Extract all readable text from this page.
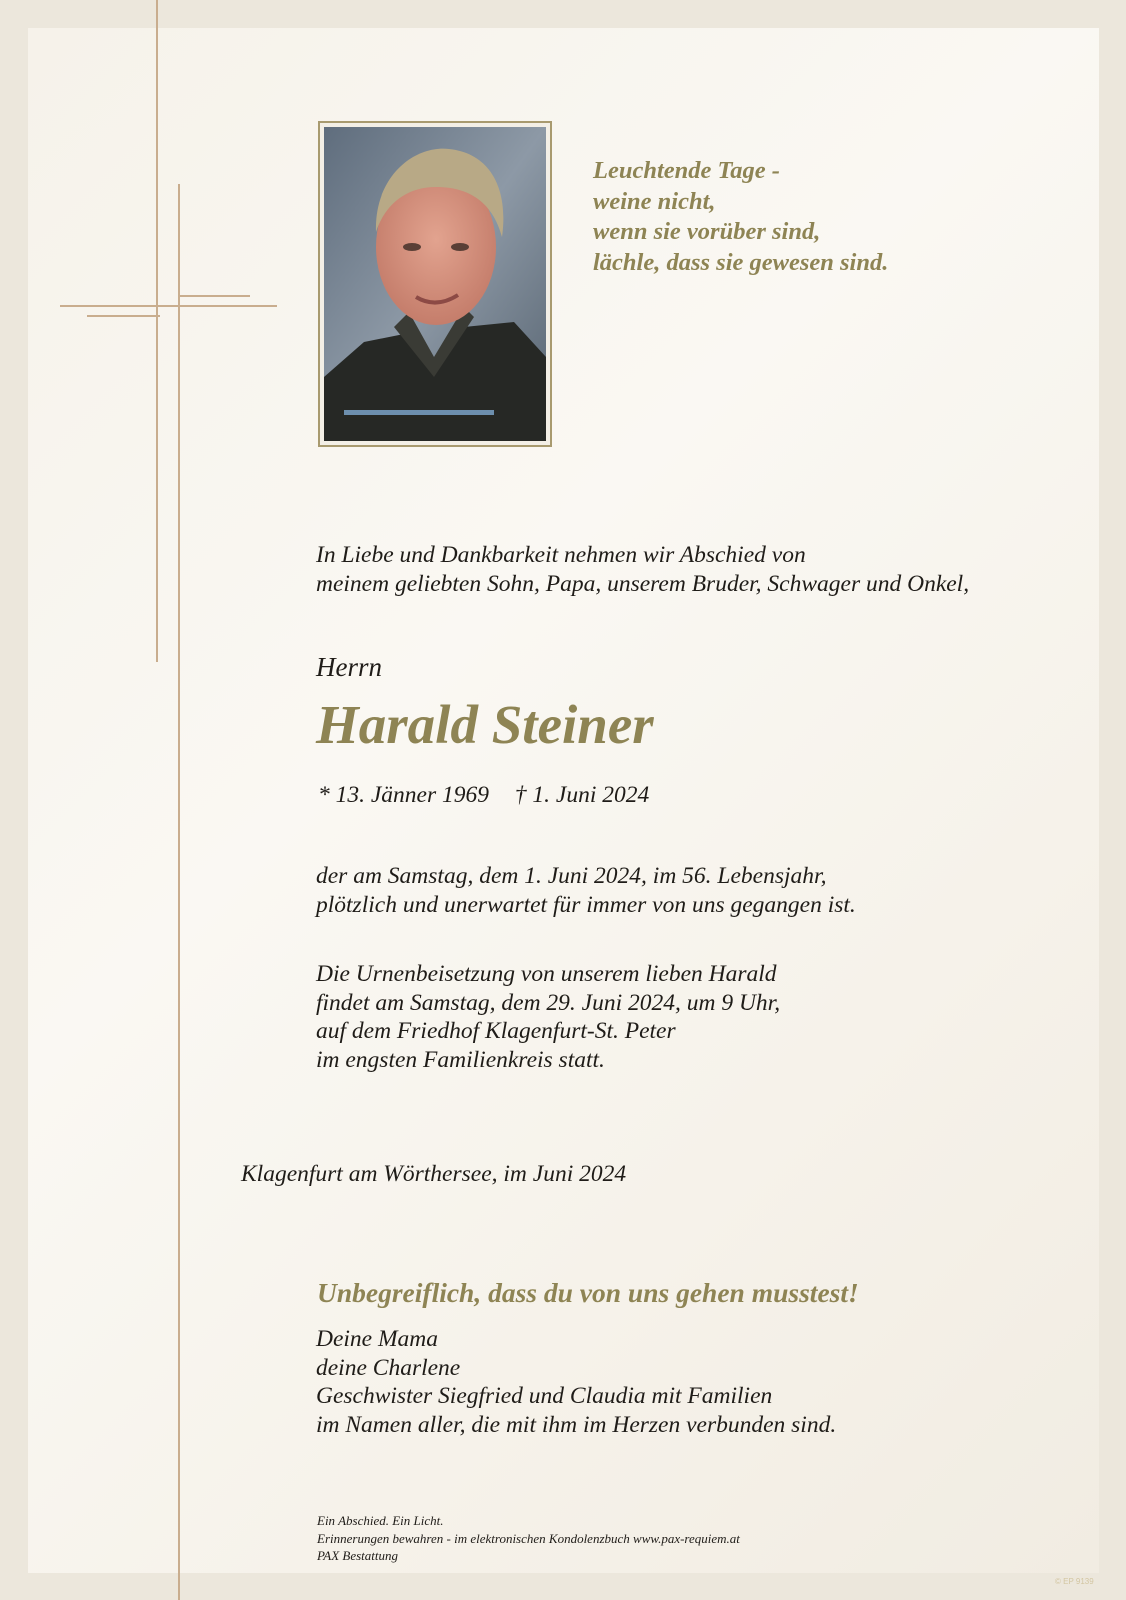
Leuchtende Tage -
weine nicht,
wenn sie vorüber sind,
lächle, dass sie gewesen sind.
In Liebe und Dankbarkeit nehmen wir Abschied von
meinem geliebten Sohn, Papa, unserem Bruder, Schwager und Onkel,
Herrn
Harald Steiner
* 13. Jänner 1969 † 1. Juni 2024
der am Samstag, dem 1. Juni 2024, im 56. Lebensjahr,
plötzlich und unerwartet für immer von uns gegangen ist.
Die Urnenbeisetzung von unserem lieben Harald
findet am Samstag, dem 29. Juni 2024, um 9 Uhr,
auf dem Friedhof Klagenfurt-St. Peter
im engsten Familienkreis statt.
Klagenfurt am Wörthersee, im Juni 2024
Unbegreiflich, dass du von uns gehen musstest!
Deine Mama
deine Charlene
Geschwister Siegfried und Claudia mit Familien
im Namen aller, die mit ihm im Herzen verbunden sind.
Ein Abschied. Ein Licht.
Erinnerungen bewahren - im elektronischen Kondolenzbuch www.pax-requiem.at
PAX Bestattung
© EP 9139
